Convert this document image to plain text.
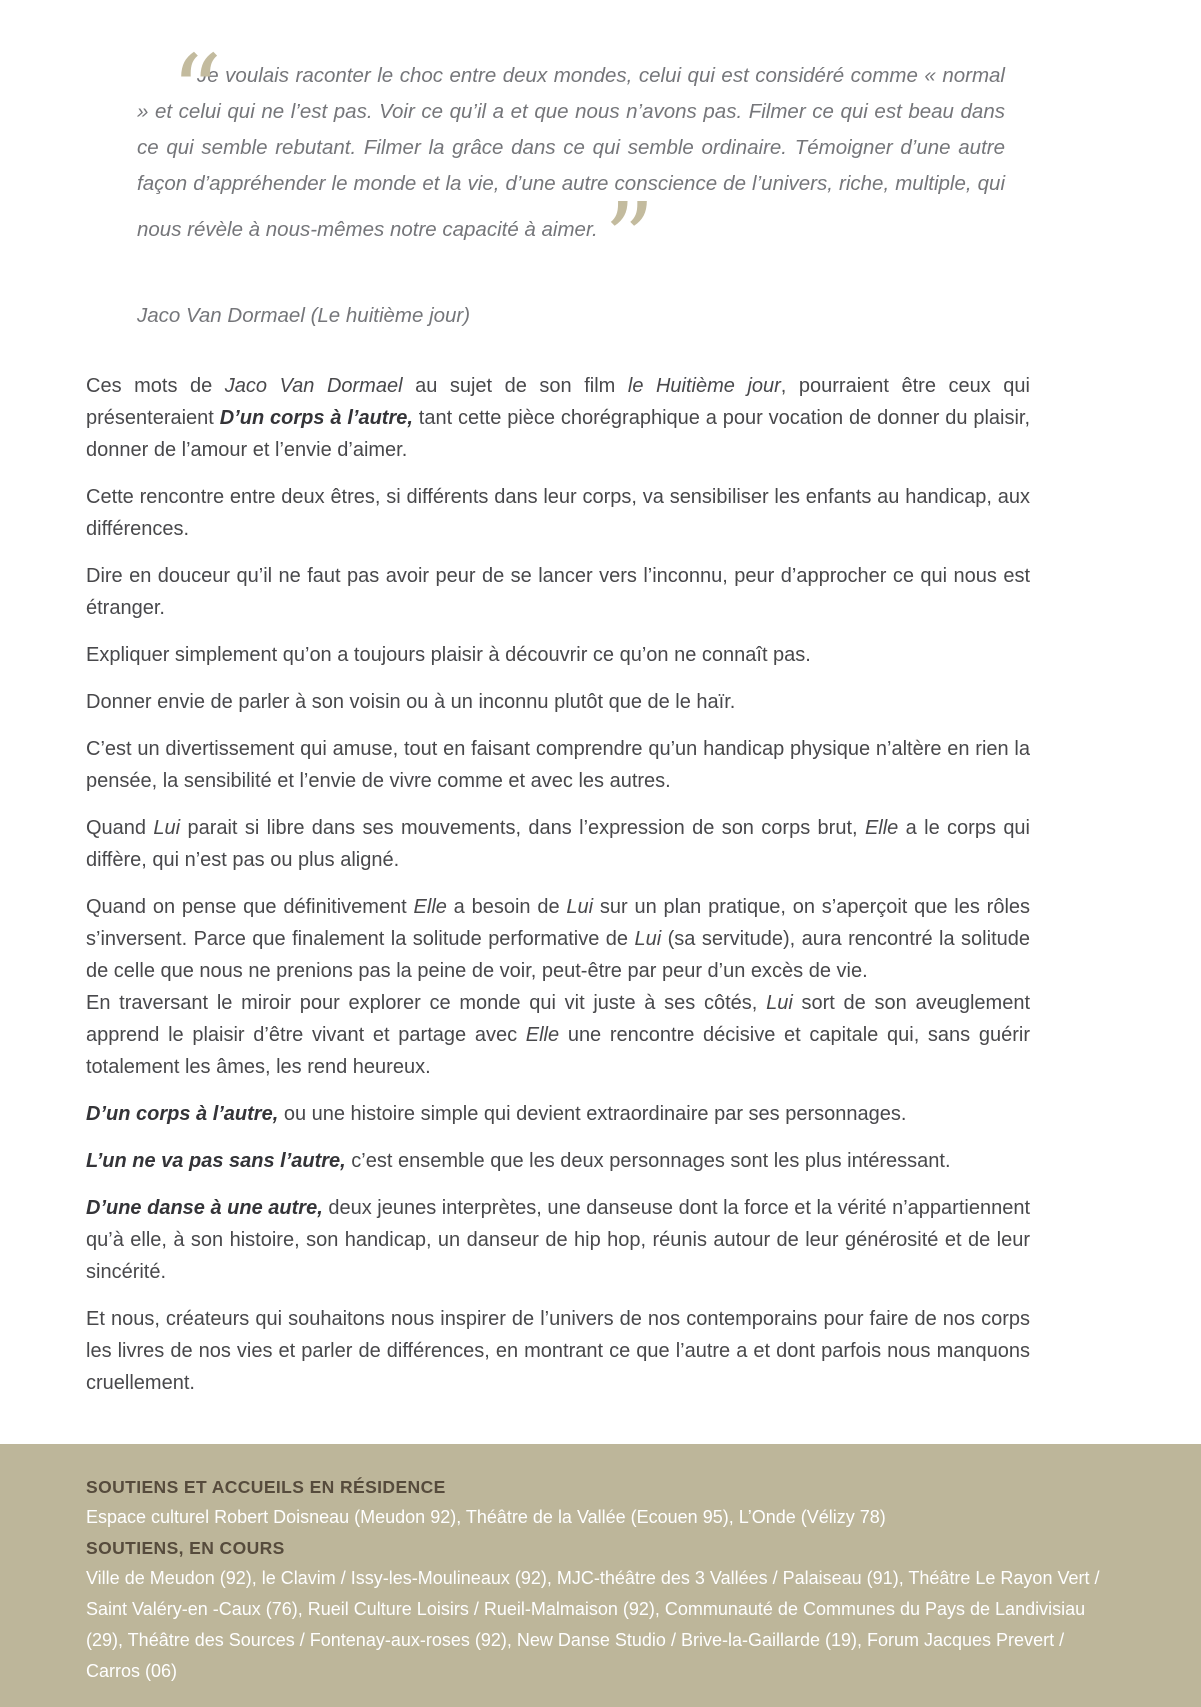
“
Je voulais raconter le choc entre deux mondes, celui qui est considéré comme « normal » et celui qui ne l’est pas. Voir ce qu’il a et que nous n’avons pas. Filmer ce qui est beau dans ce qui semble rebutant. Filmer la grâce dans ce qui semble ordinaire. Témoigner d’une autre façon d’appréhender le monde et la vie, d’une autre conscience de l’univers, riche, multiple, qui nous révèle à nous-mêmes notre capacité à aimer.”
Jaco Van Dormael (Le huitième jour)

Ces mots de Jaco Van Dormael au sujet de son film le Huitième jour, pourraient être ceux qui présenteraient D’un corps à l’autre, tant cette pièce chorégraphique a pour vocation de donner du plaisir, donner de l’amour et l’envie d’aimer.

Cette rencontre entre deux êtres, si différents dans leur corps, va sensibiliser les enfants au handicap, aux différences.

Dire en douceur qu’il ne faut pas avoir peur de se lancer vers l’inconnu, peur d’approcher ce qui nous est étranger.

Expliquer simplement qu’on a toujours plaisir à découvrir ce qu’on ne connaît pas.

Donner envie de parler à son voisin ou à un inconnu plutôt que de le haïr.

C’est un divertissement qui amuse, tout en faisant comprendre qu’un handicap physique n’altère en rien la pensée, la sensibilité et l’envie de vivre comme et avec les autres.

Quand Lui parait si libre dans ses mouvements, dans l’expression de son corps brut, Elle a le corps qui diffère, qui n’est pas ou plus aligné.

Quand on pense que définitivement Elle a besoin de Lui sur un plan pratique, on s’aperçoit que les rôles s’inversent. Parce que finalement la solitude performative de Lui (sa servitude), aura rencontré la solitude de celle que nous ne prenions pas la peine de voir, peut-être par peur d’un excès de vie.
En traversant le miroir pour explorer ce monde qui vit juste à ses côtés, Lui sort de son aveuglement apprend le plaisir d’être vivant et partage avec Elle une rencontre décisive et capitale qui, sans guérir totalement les âmes, les rend heureux.

D’un corps à l’autre, ou une histoire simple qui devient extraordinaire par ses personnages.

L’un ne va pas sans l’autre, c’est ensemble que les deux personnages sont les plus intéressant.

D’une danse à une autre, deux jeunes interprètes, une danseuse dont la force et la vérité n’appartiennent qu’à elle, à son histoire, son handicap, un danseur de hip hop, réunis autour de leur générosité et de leur sincérité.

Et nous, créateurs qui souhaitons nous inspirer de l’univers de nos contemporains pour faire de nos corps les livres de nos vies et parler de différences, en montrant ce que l’autre a et dont parfois nous manquons cruellement.

SOUTIENS ET ACCUEILS EN RÉSIDENCE
Espace culturel Robert Doisneau (Meudon 92), Théâtre de la Vallée (Ecouen 95), L’Onde (Vélizy 78)
SOUTIENS, EN COURS
Ville de Meudon (92), le Clavim / Issy-les-Moulineaux (92), MJC-théâtre des 3 Vallées / Palaiseau (91), Théâtre Le Rayon Vert / Saint Valéry-en -Caux (76), Rueil Culture Loisirs / Rueil-Malmaison (92), Communauté de Communes du Pays de Landivisiau (29), Théâtre des Sources / Fontenay-aux-roses (92), New Danse Studio / Brive-la-Gaillarde (19), Forum Jacques Prevert / Carros (06)
